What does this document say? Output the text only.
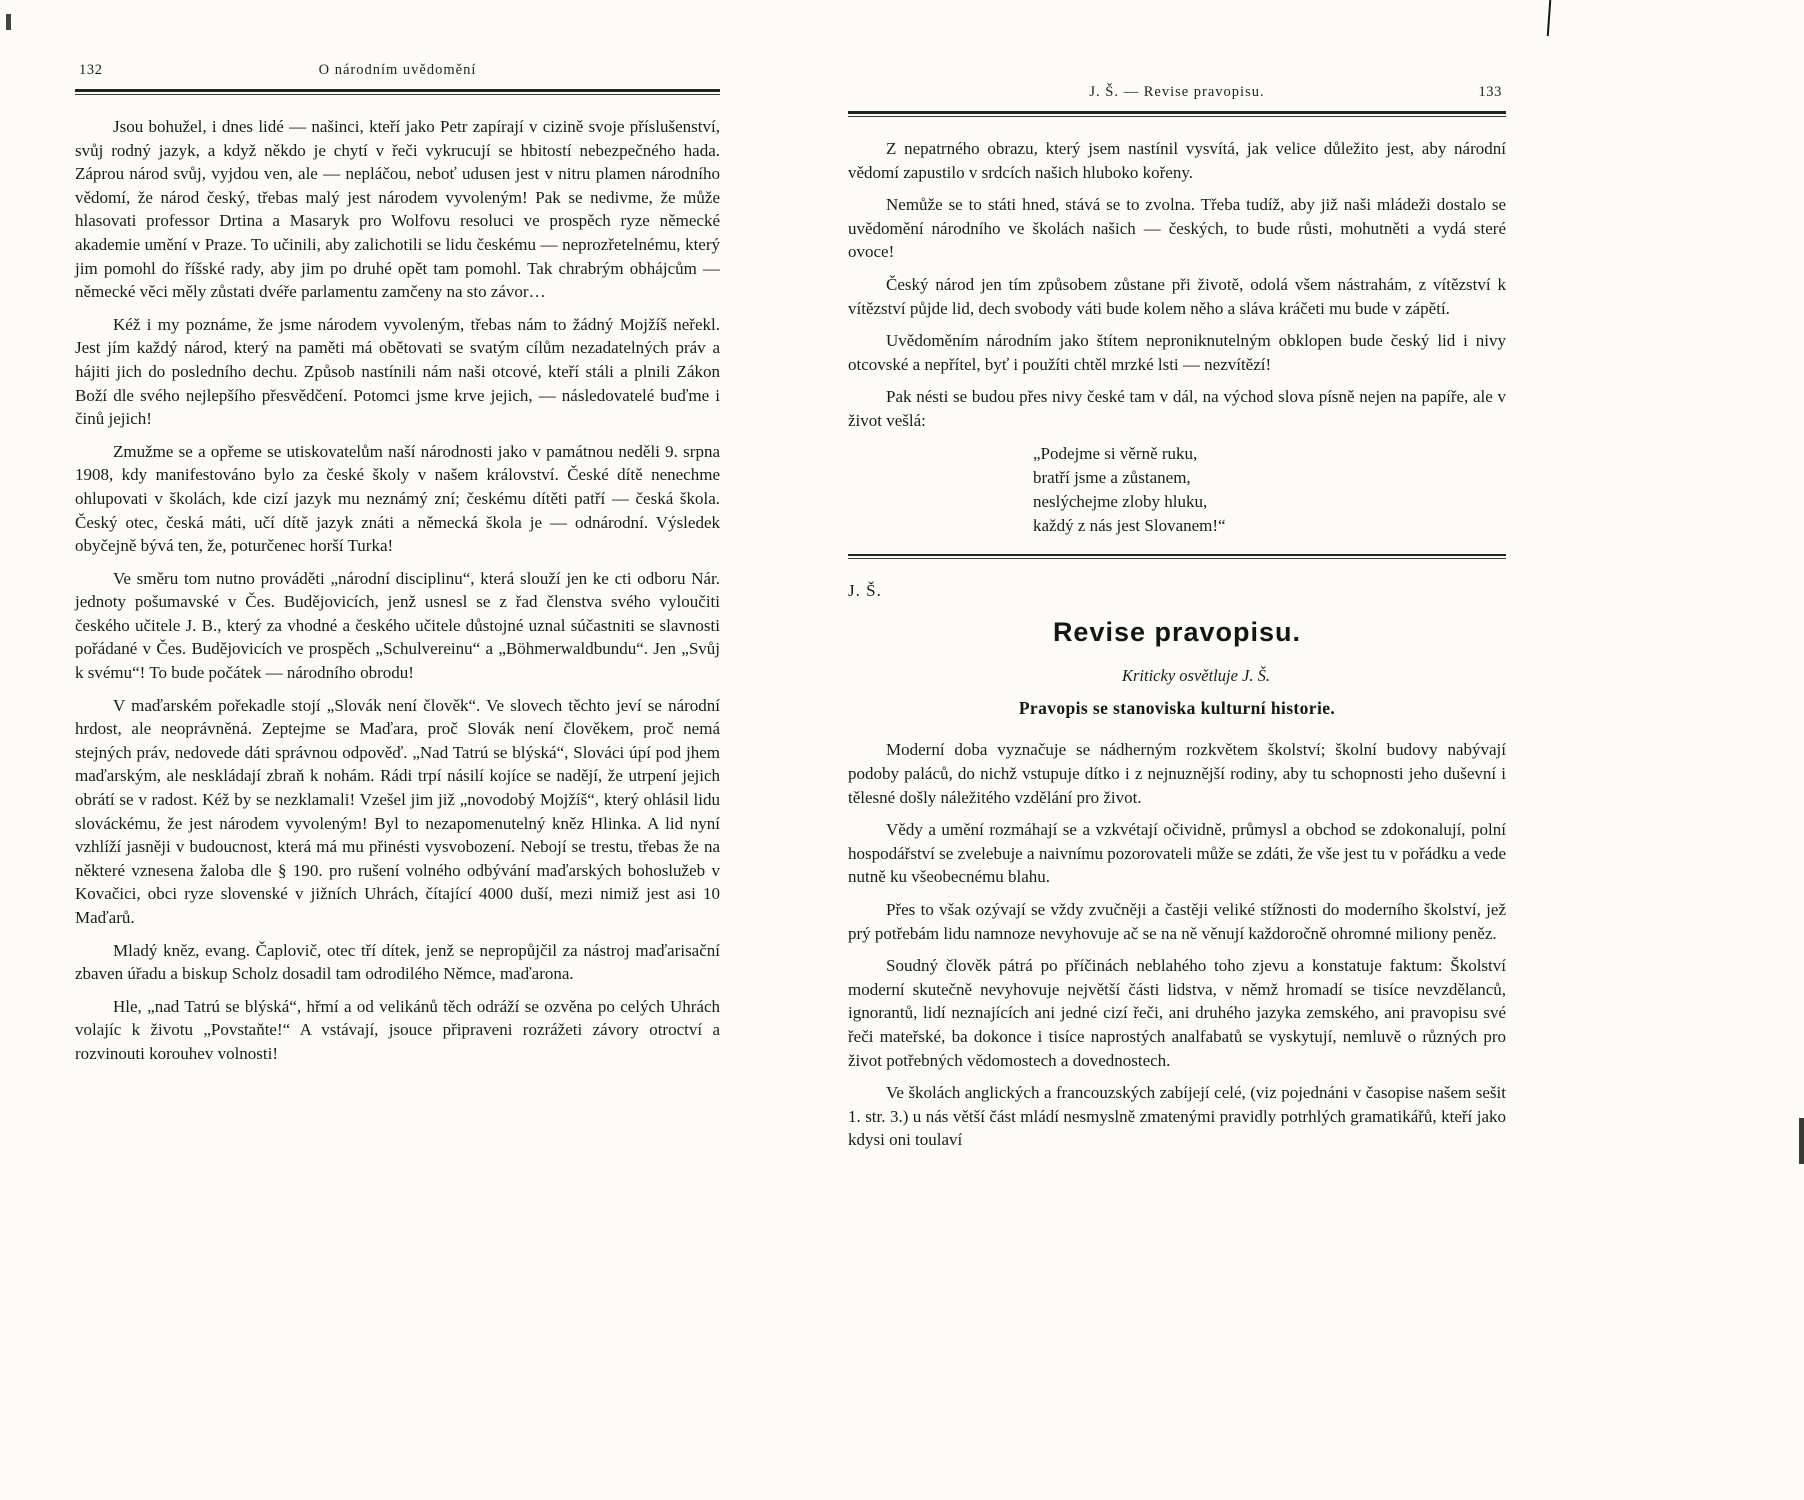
132	O národním uvědomění

Jsou bohužel, i dnes lidé — našinci, kteří jako Petr zapírají v cizině svoje příslušenství, svůj rodný jazyk, a když někdo je chytí v řeči vykrucují se hbitostí nebezpečného hada. Záprou národ svůj, vyjdou ven, ale — nepláčou, neboť udusen jest v nitru plamen národního vědomí, že národ český, třebas malý jest národem vyvoleným! Pak se nedivme, že může hlasovati professor Drtina a Masaryk pro Wolfovu resoluci ve prospěch ryze německé akademie umění v Praze. To učinili, aby zalichotili se lidu českému — neprozřetelnému, který jim pomohl do říšské rady, aby jim po druhé opět tam pomohl. Tak chrabrým obhájcům — německé věci měly zůstati dvéře parlamentu zamčeny na sto závor…

Kéž i my poznáme, že jsme národem vyvoleným, třebas nám to žádný Mojžíš neřekl. Jest jím každý národ, který na paměti má obětovati se svatým cílům nezadatelných práv a hájiti jich do posledního dechu. Způsob nastínili nám naši otcové, kteří stáli a plnili Zákon Boží dle svého nejlepšího přesvědčení. Potomci jsme krve jejich, — následovatelé buďme i činů jejich!

Zmužme se a opřeme se utiskovatelům naší národnosti jako v památnou neděli 9. srpna 1908, kdy manifestováno bylo za české školy v našem království. České dítě nenechme ohlupovati v školách, kde cizí jazyk mu neznámý zní; českému dítěti patří — česká škola. Český otec, česká máti, učí dítě jazyk znáti a německá škola je — odnárodní. Výsledek obyčejně bývá ten, že, poturčenec horší Turka!

Ve směru tom nutno prováděti „národní disciplinu“, která slouží jen ke cti odboru Nár. jednoty pošumavské v Čes. Budějovicích, jenž usnesl se z řad členstva svého vyloučiti českého učitele J. B., který za vhodné a českého učitele důstojné uznal súčastniti se slavnosti pořádané v Čes. Budějovicích ve prospěch „Schulvereinu“ a „Böhmerwaldbundu“. Jen „Svůj k svému“! To bude počátek — národního obrodu!

V maďarském pořekadle stojí „Slovák není člověk“. Ve slovech těchto jeví se národní hrdost, ale neoprávněná. Zeptejme se Maďara, proč Slovák není člověkem, proč nemá stejných práv, nedovede dáti správnou odpověď. „Nad Tatrú se blýská“, Slováci úpí pod jhem maďarským, ale neskládají zbraň k nohám. Rádi trpí násilí kojíce se nadějí, že utrpení jejich obrátí se v radost. Kéž by se nezklamali! Vzešel jim již „novodobý Mojžíš“, který ohlásil lidu slováckému, že jest národem vyvoleným! Byl to nezapomenutelný kněz Hlinka. A lid nyní vzhlíží jasněji v budoucnost, která má mu přinésti vysvobození. Nebojí se trestu, třebas že na některé vznesena žaloba dle § 190. pro rušení volného odbývání maďarských bohoslužeb v Kovačici, obci ryze slovenské v jižních Uhrách, čítající 4000 duší, mezi nimiž jest asi 10 Maďarů.

Mladý kněz, evang. Čaplovič, otec tří dítek, jenž se nepropůjčil za nástroj maďarisační zbaven úřadu a biskup Scholz dosadil tam odrodilého Němce, maďarona.

Hle, „nad Tatrú se blýská“, hřmí a od velikánů těch odráží se ozvěna po celých Uhrách volajíc k životu „Povstaňte!“ A vstávají, jsouce připraveni rozrážeti závory otroctví a rozvinouti korouhev volnosti!

J. Š. — Revise pravopisu.	133

Z nepatrného obrazu, který jsem nastínil vysvítá, jak velice důležito jest, aby národní vědomí zapustilo v srdcích našich hluboko kořeny.

Nemůže se to státi hned, stává se to zvolna. Třeba tudíž, aby již naši mládeži dostalo se uvědomění národního ve školách našich — českých, to bude růsti, mohutněti a vydá steré ovoce!

Český národ jen tím způsobem zůstane při životě, odolá všem nástrahám, z vítězství k vítězství půjde lid, dech svobody váti bude kolem něho a sláva kráčeti mu bude v zápětí.

Uvědoměním národním jako štítem neproniknutelným obklopen bude český lid i nivy otcovské a nepřítel, byť i použíti chtěl mrzké lsti — nezvítězí!

Pak nésti se budou přes nivy české tam v dál, na východ slova písně nejen na papíře, ale v život vešlá:

„Podejme si věrně ruku,
bratří jsme a zůstanem,
neslýchejme zloby hluku,
každý z nás jest Slovanem!“

J. Š.

Revise pravopisu.

Kriticky osvětluje J. Š.

Pravopis se stanoviska kulturní historie.

Moderní doba vyznačuje se nádherným rozkvětem školství; školní budovy nabývají podoby paláců, do nichž vstupuje dítko i z nejnuznější rodiny, aby tu schopnosti jeho duševní i tělesné došly náležitého vzdělání pro život.

Vědy a umění rozmáhají se a vzkvétají očividně, průmysl a obchod se zdokonalují, polní hospodářství se zvelebuje a naivnímu pozorovateli může se zdáti, že vše jest tu v pořádku a vede nutně ku všeobecnému blahu.

Přes to však ozývají se vždy zvučněji a častěji veliké stížnosti do moderního školství, jež prý potřebám lidu namnoze nevyhovuje ač se na ně věnují každoročně ohromné miliony peněz.

Soudný člověk pátrá po příčinách neblahého toho zjevu a konstatuje faktum: Školství moderní skutečně nevyhovuje největší části lidstva, v němž hromadí se tisíce nevzdělanců, ignorantů, lidí neznajících ani jedné cizí řeči, ani druhého jazyka zemského, ani pravopisu své řeči mateřské, ba dokonce i tisíce naprostých analfabatů se vyskytují, nemluvě o různých pro život potřebných vědomostech a dovednostech.

Ve školách anglických a francouzských zabíjejí celé, (viz pojednáni v časopise našem sešit 1. str. 3.) u nás větší část mládí nesmyslně zmatenými pravidly potrhlých gramatikářů, kteří jako kdysi oni toulaví
